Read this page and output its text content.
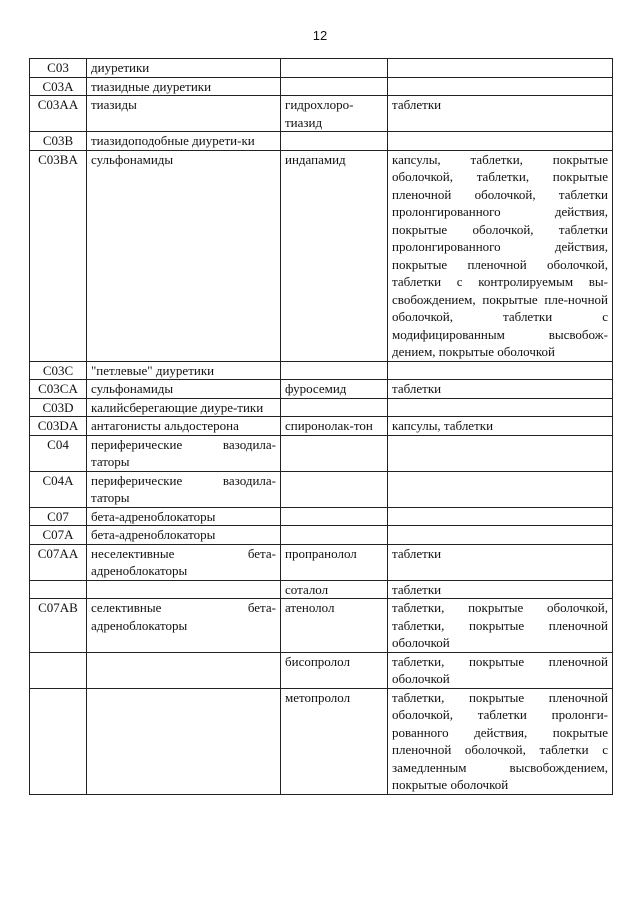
12
C03	диуретики		
C03A	тиазидные диуретики		
C03AA	тиазиды	гидрохлоро-тиазид	таблетки
C03B	тиазидоподобные диурети-ки		
C03BA	сульфонамиды	индапамид	капсулы, таблетки, покрытые оболочкой, таблетки, покрытые пленочной оболочкой, таблетки пролонгированного действия, покрытые оболочкой, таблетки пролонгированного действия, покрытые пленочной оболочкой, таблетки с контролируемым вы-свобождением, покрытые пле-ночной оболочкой, таблетки с модифицированным высвобож-дением, покрытые оболочкой
C03C	"петлевые" диуретики		
C03CA	сульфонамиды	фуросемид	таблетки
C03D	калийсберегающие диуре-тики		
C03DA	антагонисты альдостерона	спиронолак-тон	капсулы, таблетки
C04	периферические вазодила-таторы		
C04A	периферические вазодила-таторы		
C07	бета-адреноблокаторы		
C07A	бета-адреноблокаторы		
C07AA	неселективные бета-адреноблокаторы	пропранолол	таблетки
		соталол	таблетки
C07AB	селективные бета-адреноблокаторы	атенолол	таблетки, покрытые оболочкой, таблетки, покрытые пленочной оболочкой
		бисопролол	таблетки, покрытые пленочной оболочкой
		метопролол	таблетки, покрытые пленочной оболочкой, таблетки пролонги-рованного действия, покрытые пленочной оболочкой, таблетки с замедленным высвобождением, покрытые оболочкой
